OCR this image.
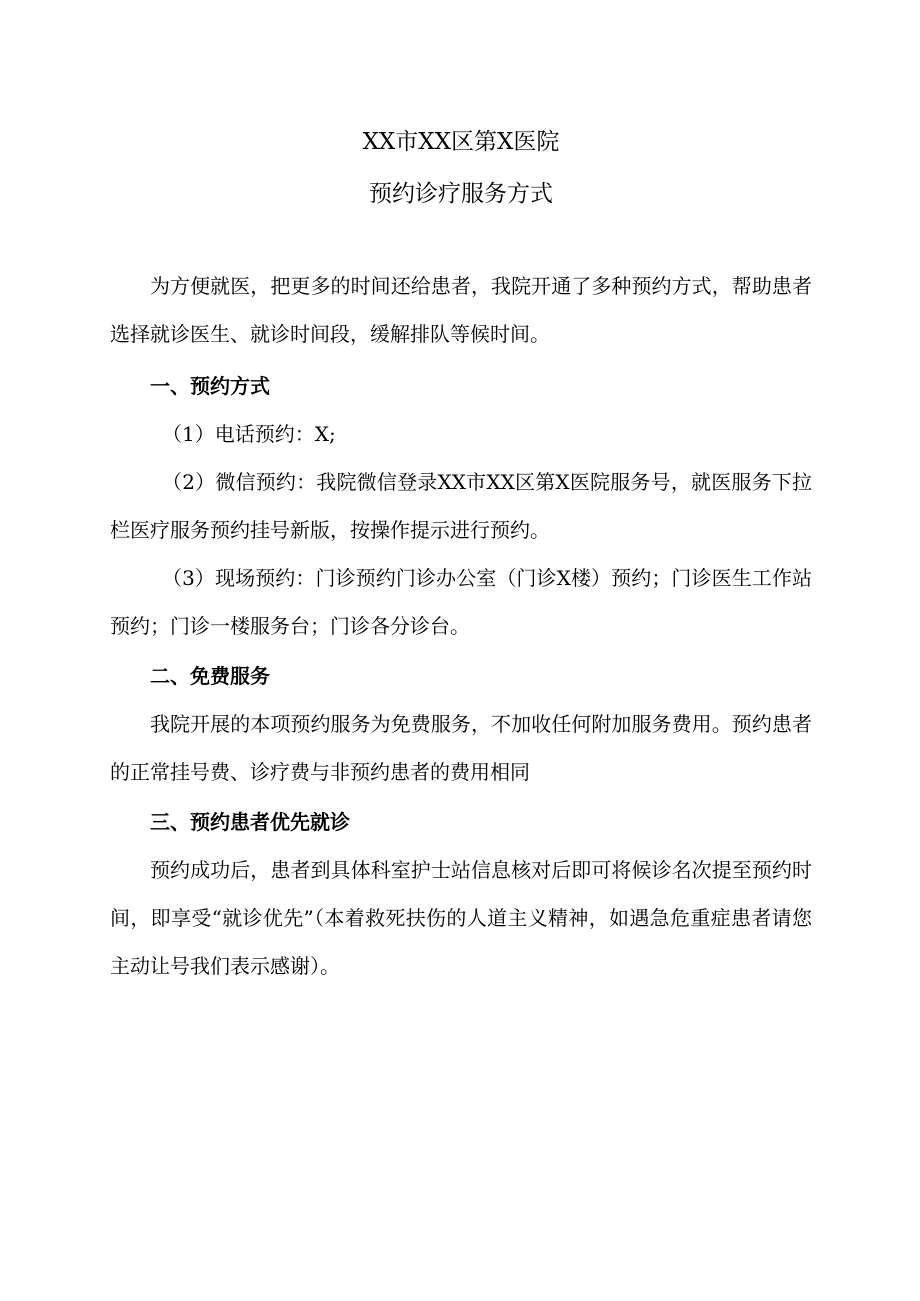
XX市XX区第X医院
预约诊疗服务方式
为方便就医，把更多的时间还给患者，我院开通了多种预约方式，帮助患者选择就诊医生、就诊时间段，缓解排队等候时间。
一、预约方式
（1）电话预约：X;
（2）微信预约：我院微信登录XX市XX区第X医院服务号，就医服务下拉栏医疗服务预约挂号新版，按操作提示进行预约。
（3）现场预约：门诊预约门诊办公室（门诊X楼）预约；门诊医生工作站预约；门诊一楼服务台；门诊各分诊台。
二、免费服务
我院开展的本项预约服务为免费服务，不加收任何附加服务费用。预约患者的正常挂号费、诊疗费与非预约患者的费用相同
三、预约患者优先就诊
预约成功后，患者到具体科室护士站信息核对后即可将候诊名次提至预约时间，即享受“就诊优先”（本着救死扶伤的人道主义精神，如遇急危重症患者请您主动让号我们表示感谢）。
